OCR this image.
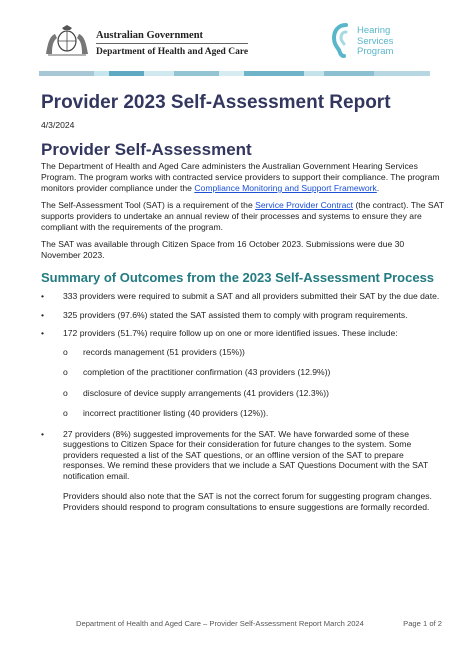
Australian Government
Department of Health and Aged Care
Hearing
Services
Program
Provider 2023 Self-Assessment Report
4/3/2024
Provider Self-Assessment

The Department of Health and Aged Care administers the Australian Government Hearing Services Program. The program works with contracted service providers to support their compliance. The program monitors provider compliance under the Compliance Monitoring and Support Framework.

The Self-Assessment Tool (SAT) is a requirement of the Service Provider Contract (the contract). The SAT supports providers to undertake an annual review of their processes and systems to ensure they are compliant with the requirements of the program.

The SAT was available through Citizen Space from 16 October 2023. Submissions were due 30 November 2023.

Summary of Outcomes from the 2023 Self-Assessment Process
• 333 providers were required to submit a SAT and all providers submitted their SAT by the due date.
• 325 providers (97.6%) stated the SAT assisted them to comply with program requirements.
• 172 providers (51.7%) require follow up on one or more identified issues. These include:
o records management (51 providers (15%))
o completion of the practitioner confirmation (43 providers (12.9%))
o disclosure of device supply arrangements (41 providers (12.3%))
o incorrect practitioner listing (40 providers (12%)).
• 27 providers (8%) suggested improvements for the SAT. We have forwarded some of these suggestions to Citizen Space for their consideration for future changes to the system. Some providers requested a list of the SAT questions, or an offline version of the SAT to prepare responses. We remind these providers that we include a SAT Questions Document with the SAT notification email.

Providers should also note that the SAT is not the correct forum for suggesting program changes. Providers should respond to program consultations to ensure suggestions are formally recorded.

Department of Health and Aged Care – Provider Self-Assessment Report March 2024	Page 1 of 2
